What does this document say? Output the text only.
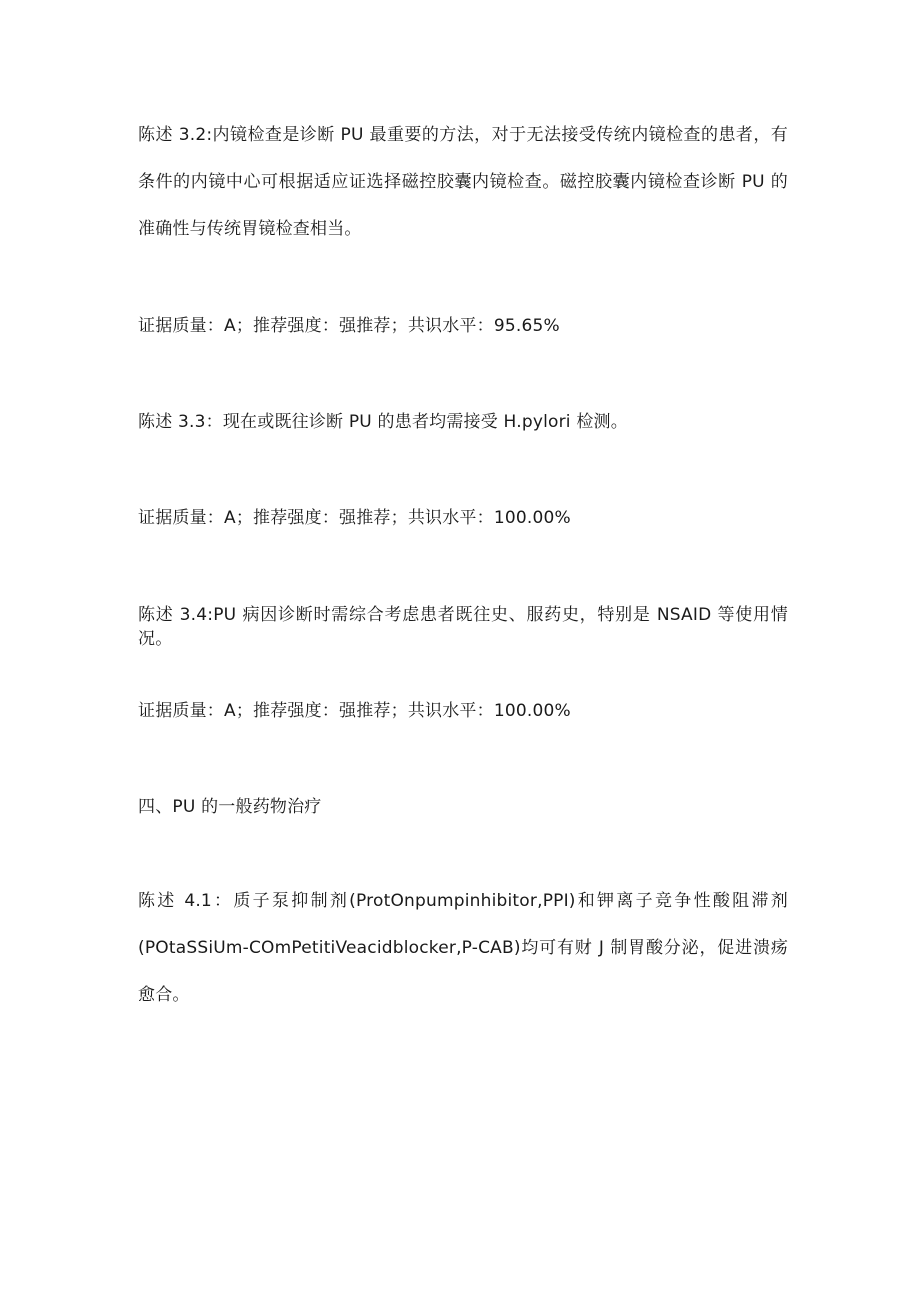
陈述 3.2:内镜检查是诊断 PU 最重要的方法，对于无法接受传统内镜检查的患者，有条件的内镜中心可根据适应证选择磁控胶囊内镜检查。磁控胶囊内镜检查诊断 PU 的准确性与传统胃镜检查相当。

证据质量：A；推荐强度：强推荐；共识水平：95.65%

陈述 3.3：现在或既往诊断 PU 的患者均需接受 H.pylori 检测。

证据质量：A；推荐强度：强推荐；共识水平：100.00%

陈述 3.4:PU 病因诊断时需综合考虑患者既往史、服药史，特别是 NSAID 等使用情况。

证据质量：A；推荐强度：强推荐；共识水平：100.00%

四、PU 的一般药物治疗

陈述 4.1：质子泵抑制剂(ProtOnpumpinhibitor,PPI)和钾离子竞争性酸阻滞剂(POtaSSiUm-COmPetitiVeacidblocker,P-CAB)均可有财 J 制胃酸分泌，促进溃疡愈合。
